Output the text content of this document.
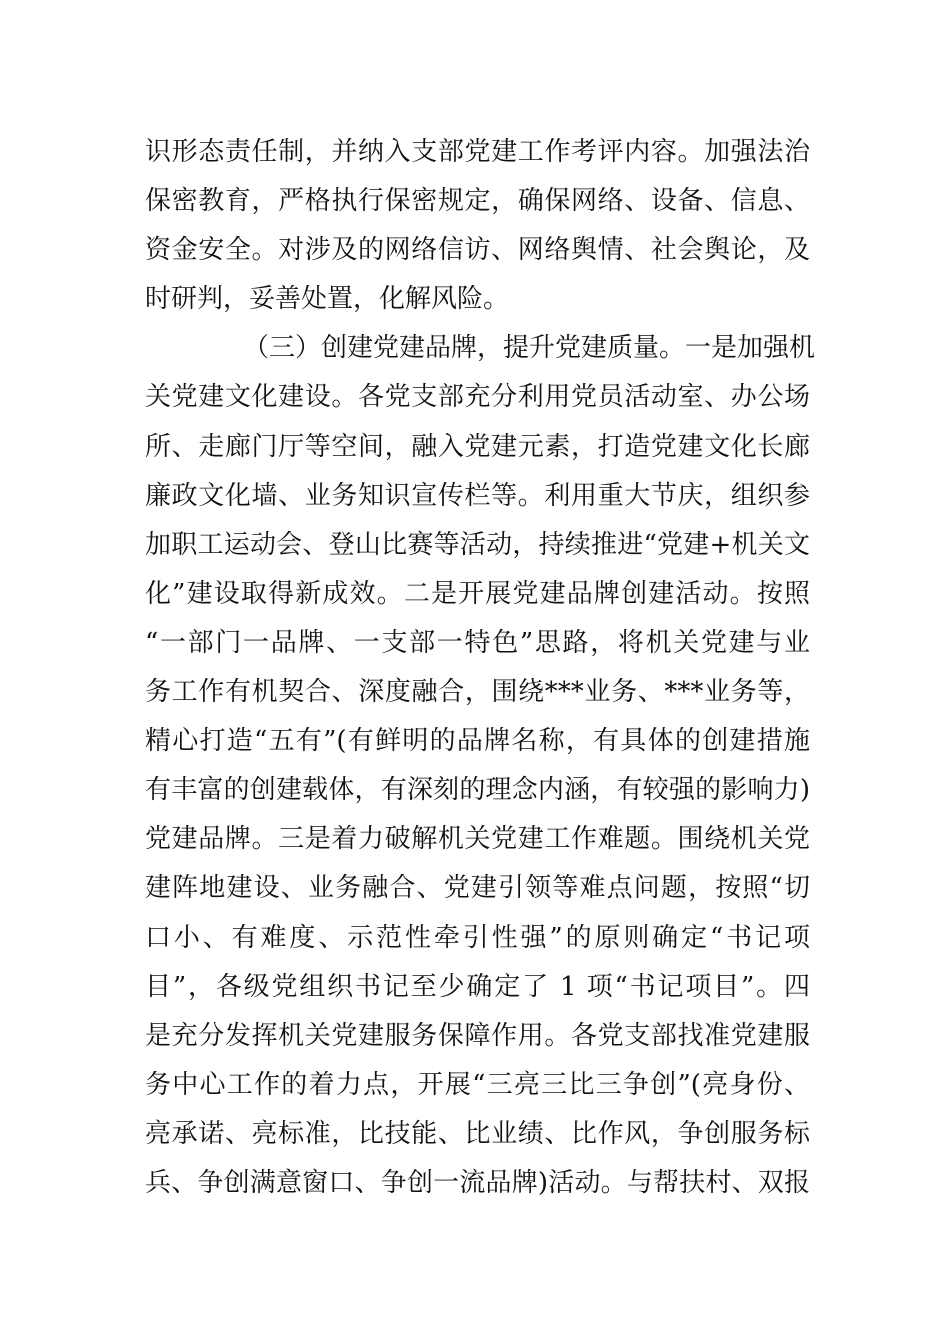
识形态责任制，并纳入支部党建工作考评内容。加强法治
保密教育，严格执行保密规定，确保网络、设备、信息、
资金安全。对涉及的网络信访、网络舆情、社会舆论，及
时研判，妥善处置，化解风险。
（三）创建党建品牌，提升党建质量。一是加强机
关党建文化建设。各党支部充分利用党员活动室、办公场
所、走廊门厅等空间，融入党建元素，打造党建文化长廊
廉政文化墙、业务知识宣传栏等。利用重大节庆，组织参
加职工运动会、登山比赛等活动，持续推进“党建+机关文
化”建设取得新成效。二是开展党建品牌创建活动。按照
“一部门一品牌、一支部一特色”思路，将机关党建与业
务工作有机契合、深度融合，围绕***业务、***业务等，
精心打造“五有”(有鲜明的品牌名称，有具体的创建措施
有丰富的创建载体，有深刻的理念内涵，有较强的影响力)
党建品牌。三是着力破解机关党建工作难题。围绕机关党
建阵地建设、业务融合、党建引领等难点问题，按照“切
口小、有难度、示范性牵引性强”的原则确定“书记项
目”，各级党组织书记至少确定了 1 项“书记项目”。四
是充分发挥机关党建服务保障作用。各党支部找准党建服
务中心工作的着力点，开展“三亮三比三争创”(亮身份、
亮承诺、亮标准，比技能、比业绩、比作风，争创服务标
兵、争创满意窗口、争创一流品牌)活动。与帮扶村、双报
